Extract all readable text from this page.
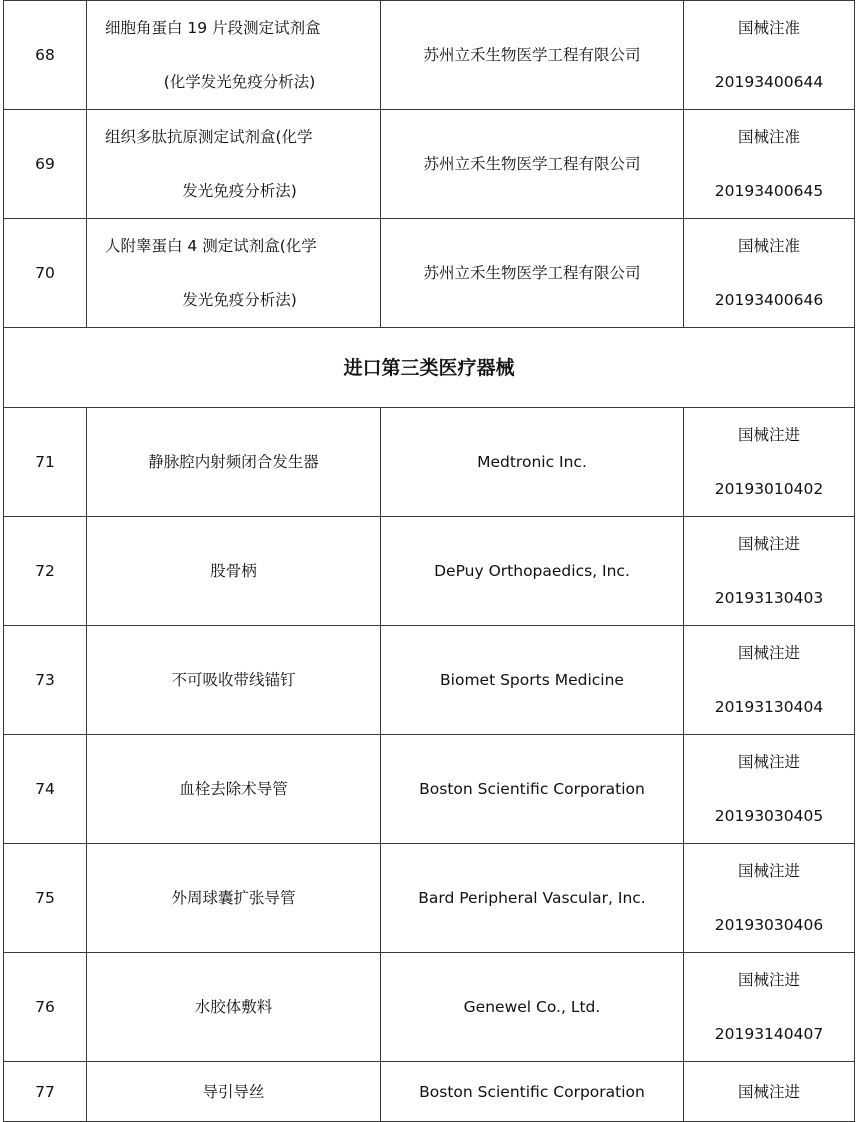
68	细胞角蛋白 19 片段测定试剂盒
(化学发光免疫分析法)	苏州立禾生物医学工程有限公司	国械注准
20193400644

69	组织多肽抗原测定试剂盒(化学
发光免疫分析法)	苏州立禾生物医学工程有限公司	国械注准
20193400645

70	人附睾蛋白 4 测定试剂盒(化学
发光免疫分析法)	苏州立禾生物医学工程有限公司	国械注准
20193400646

进口第三类医疗器械			
71	静脉腔内射频闭合发生器	Medtronic Inc.	国械注进
20193010402

72	股骨柄	DePuy Orthopaedics, Inc.	国械注进
20193130403

73	不可吸收带线锚钉	Biomet Sports Medicine	国械注进
20193130404

74	血栓去除术导管	Boston Scientific Corporation	国械注进
20193030405

75	外周球囊扩张导管	Bard Peripheral Vascular, Inc.	国械注进
20193030406

76	水胶体敷料	Genewel Co., Ltd.	国械注进
20193140407

77	导引导丝	Boston Scientific Corporation	国械注进
